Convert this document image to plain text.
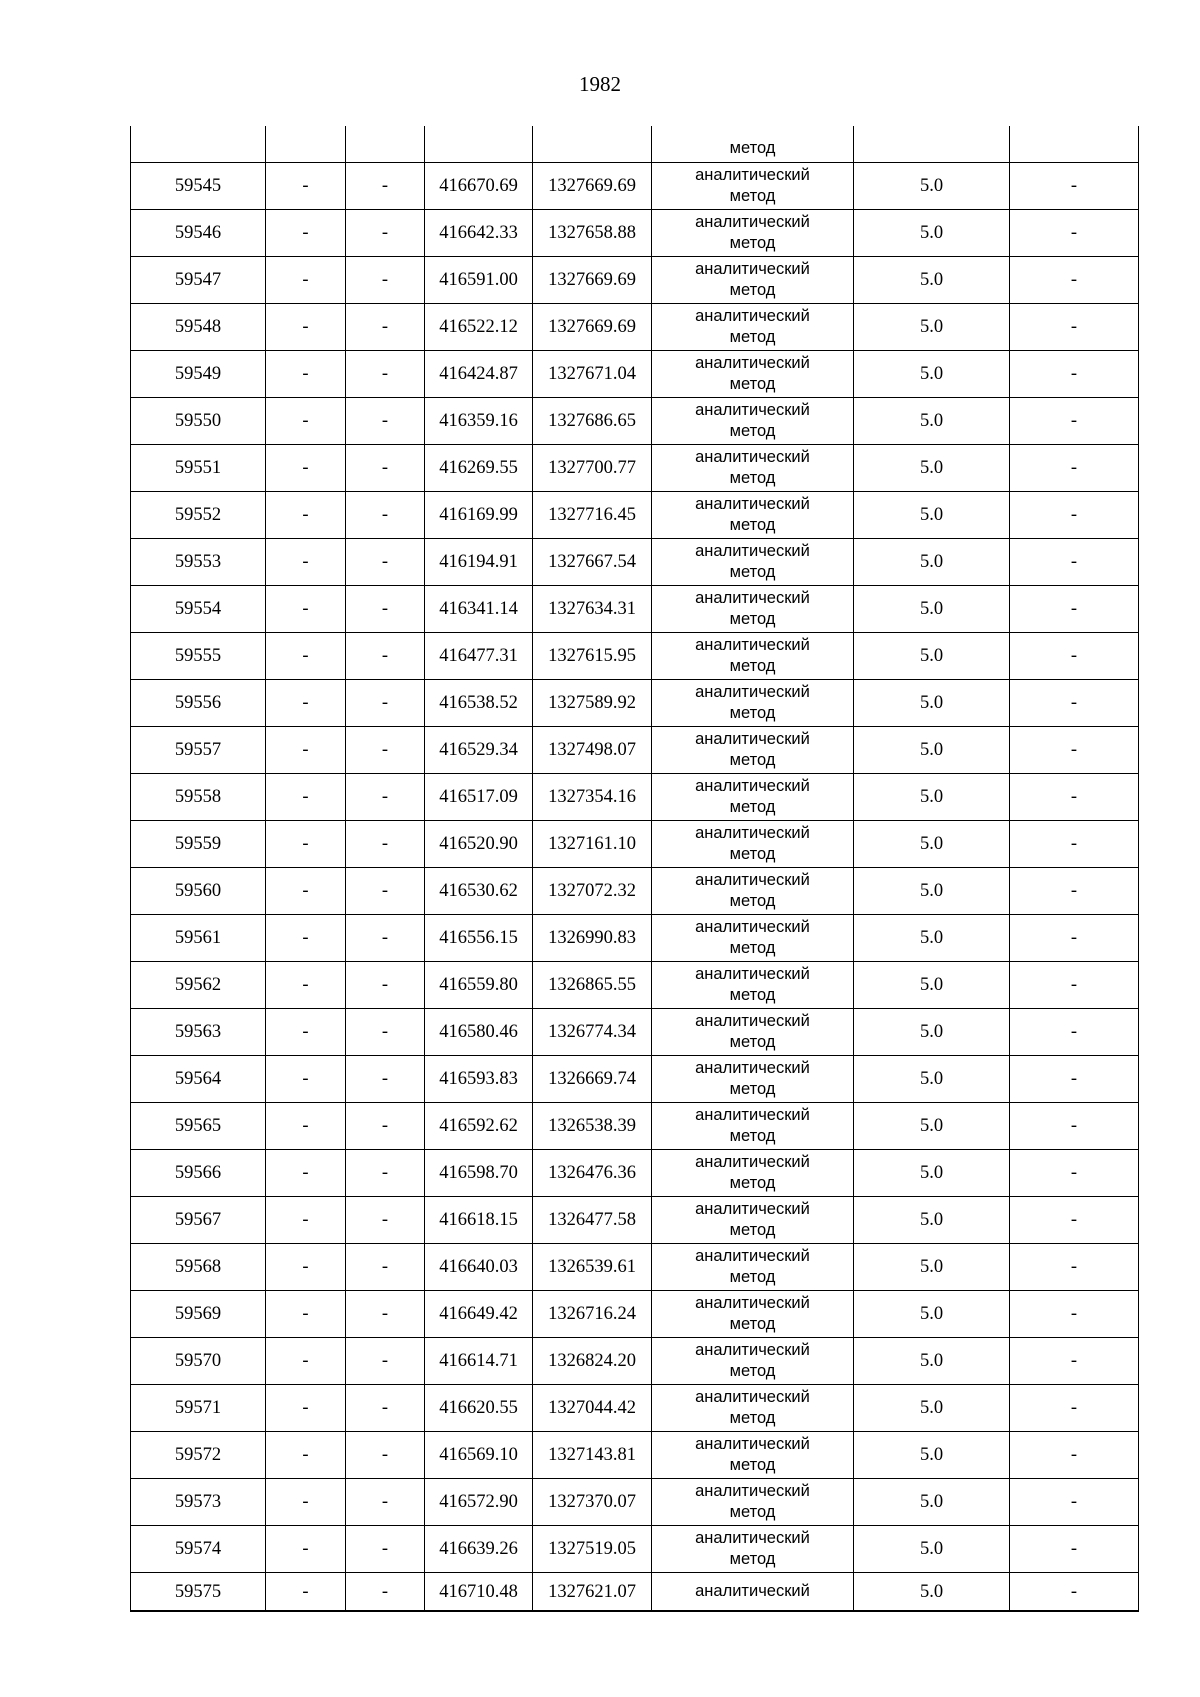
1982

					метод		

59545	-	-	416670.69	1327669.69	аналитический
метод	5.0	-
59546	-	-	416642.33	1327658.88	аналитический
метод	5.0	-
59547	-	-	416591.00	1327669.69	аналитический
метод	5.0	-
59548	-	-	416522.12	1327669.69	аналитический
метод	5.0	-
59549	-	-	416424.87	1327671.04	аналитический
метод	5.0	-
59550	-	-	416359.16	1327686.65	аналитический
метод	5.0	-
59551	-	-	416269.55	1327700.77	аналитический
метод	5.0	-
59552	-	-	416169.99	1327716.45	аналитический
метод	5.0	-
59553	-	-	416194.91	1327667.54	аналитический
метод	5.0	-
59554	-	-	416341.14	1327634.31	аналитический
метод	5.0	-
59555	-	-	416477.31	1327615.95	аналитический
метод	5.0	-
59556	-	-	416538.52	1327589.92	аналитический
метод	5.0	-
59557	-	-	416529.34	1327498.07	аналитический
метод	5.0	-
59558	-	-	416517.09	1327354.16	аналитический
метод	5.0	-
59559	-	-	416520.90	1327161.10	аналитический
метод	5.0	-
59560	-	-	416530.62	1327072.32	аналитический
метод	5.0	-
59561	-	-	416556.15	1326990.83	аналитический
метод	5.0	-
59562	-	-	416559.80	1326865.55	аналитический
метод	5.0	-
59563	-	-	416580.46	1326774.34	аналитический
метод	5.0	-
59564	-	-	416593.83	1326669.74	аналитический
метод	5.0	-
59565	-	-	416592.62	1326538.39	аналитический
метод	5.0	-
59566	-	-	416598.70	1326476.36	аналитический
метод	5.0	-
59567	-	-	416618.15	1326477.58	аналитический
метод	5.0	-
59568	-	-	416640.03	1326539.61	аналитический
метод	5.0	-
59569	-	-	416649.42	1326716.24	аналитический
метод	5.0	-
59570	-	-	416614.71	1326824.20	аналитический
метод	5.0	-
59571	-	-	416620.55	1327044.42	аналитический
метод	5.0	-
59572	-	-	416569.10	1327143.81	аналитический
метод	5.0	-
59573	-	-	416572.90	1327370.07	аналитический
метод	5.0	-
59574	-	-	416639.26	1327519.05	аналитический
метод	5.0	-
59575	-	-	416710.48	1327621.07	аналитический	5.0	-
